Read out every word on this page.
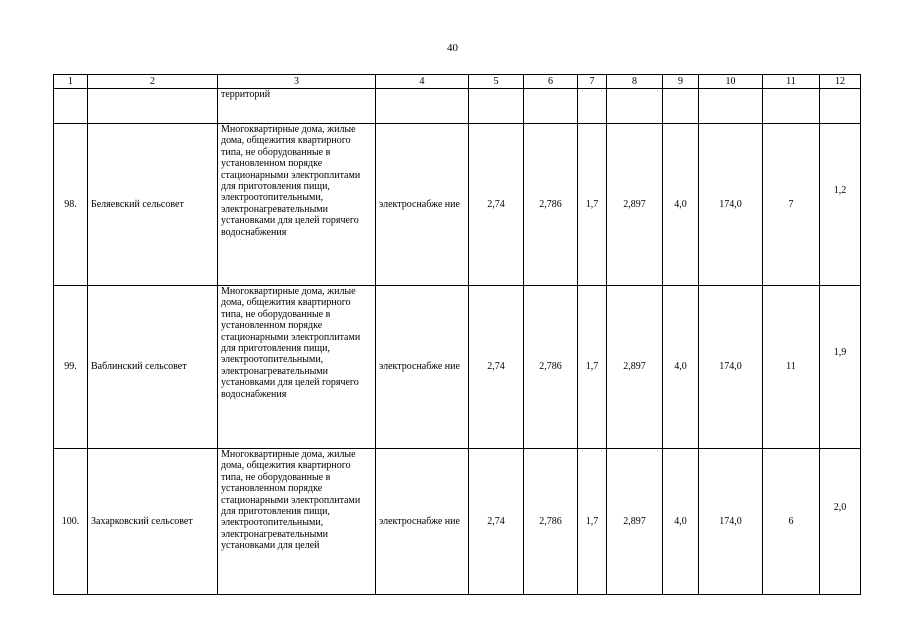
40
1	2	3	4	5	6	7	8	9	10	11	12
		территорий									
98.	Беляевский сельсовет	Многоквартирные дома, жилые дома, общежития квартирного типа, не оборудованные в установленном порядке стационарными электроплитами для приготовления пищи, электроотопительными, электронагревательными установками для целей горячего водоснабжения	электроснабже ние	2,74	2,786	1,7	2,897	4,0	174,0	7	1,2
99.	Ваблинский сельсовет	Многоквартирные дома, жилые дома, общежития квартирного типа, не оборудованные в установленном порядке стационарными электроплитами для приготовления пищи, электроотопительными, электронагревательными установками для целей горячего водоснабжения	электроснабже ние	2,74	2,786	1,7	2,897	4,0	174,0	11	1,9
100.	Захарковский сельсовет	Многоквартирные дома, жилые дома, общежития квартирного типа, не оборудованные в установленном порядке стационарными электроплитами для приготовления пищи, электроотопительными, электронагревательными установками для целей	электроснабже ние	2,74	2,786	1,7	2,897	4,0	174,0	6	2,0
